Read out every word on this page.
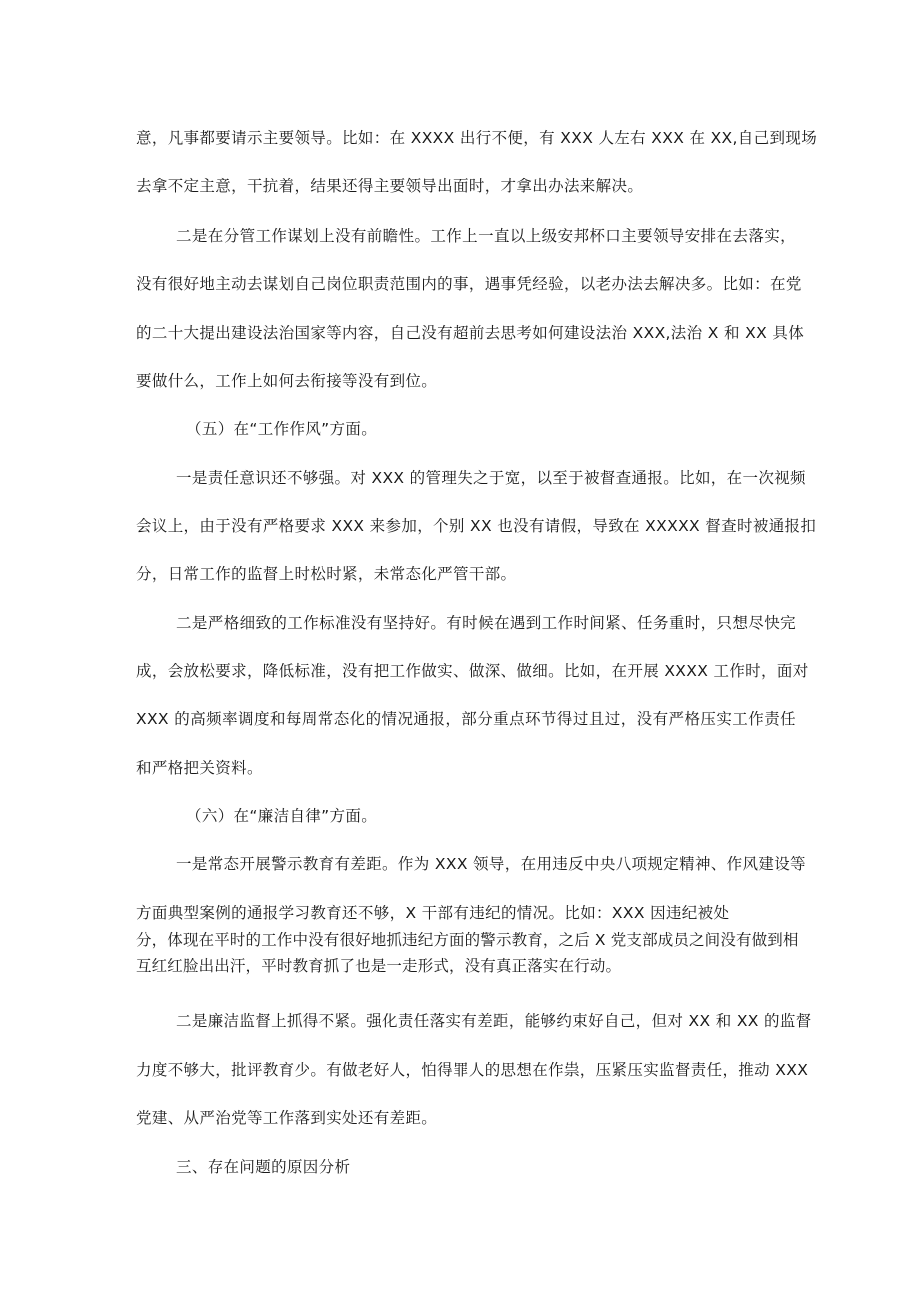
意，凡事都要请示主要领导。比如：在 XXXX 出行不便，有 XXX 人左右 XXX 在 XX,自己到现场
去拿不定主意，干抗着，结果还得主要领导出面时，才拿出办法来解决。
二是在分管工作谋划上没有前瞻性。工作上一直以上级安邦杯口主要领导安排在去落实，
没有很好地主动去谋划自己岗位职责范围内的事，遇事凭经验，以老办法去解决多。比如：在党
的二十大提出建设法治国家等内容，自己没有超前去思考如何建设法治 XXX,法治 X 和 XX 具体
要做什么，工作上如何去衔接等没有到位。
（五）在“工作作风”方面。
一是责任意识还不够强。对 XXX 的管理失之于宽，以至于被督查通报。比如，在一次视频
会议上，由于没有严格要求 XXX 来参加，个别 XX 也没有请假，导致在 XXXXX 督查时被通报扣
分，日常工作的监督上时松时紧，未常态化严管干部。
二是严格细致的工作标准没有坚持好。有时候在遇到工作时间紧、任务重时，只想尽快完
成，会放松要求，降低标准，没有把工作做实、做深、做细。比如，在开展 XXXX 工作时，面对
XXX 的高频率调度和每周常态化的情况通报，部分重点环节得过且过，没有严格压实工作责任
和严格把关资料。
（六）在“廉洁自律”方面。
一是常态开展警示教育有差距。作为 XXX 领导，在用违反中央八项规定精神、作风建设等
方面典型案例的通报学习教育还不够，X 干部有违纪的情况。比如：XXX 因违纪被处
分，体现在平时的工作中没有很好地抓违纪方面的警示教育，之后 X 党支部成员之间没有做到相
互红红脸出出汗，平时教育抓了也是一走形式，没有真正落实在行动。
二是廉洁监督上抓得不紧。强化责任落实有差距，能够约束好自己，但对 XX 和 XX 的监督
力度不够大，批评教育少。有做老好人，怕得罪人的思想在作祟，压紧压实监督责任，推动 XXX
党建、从严治党等工作落到实处还有差距。
三、存在问题的原因分析
